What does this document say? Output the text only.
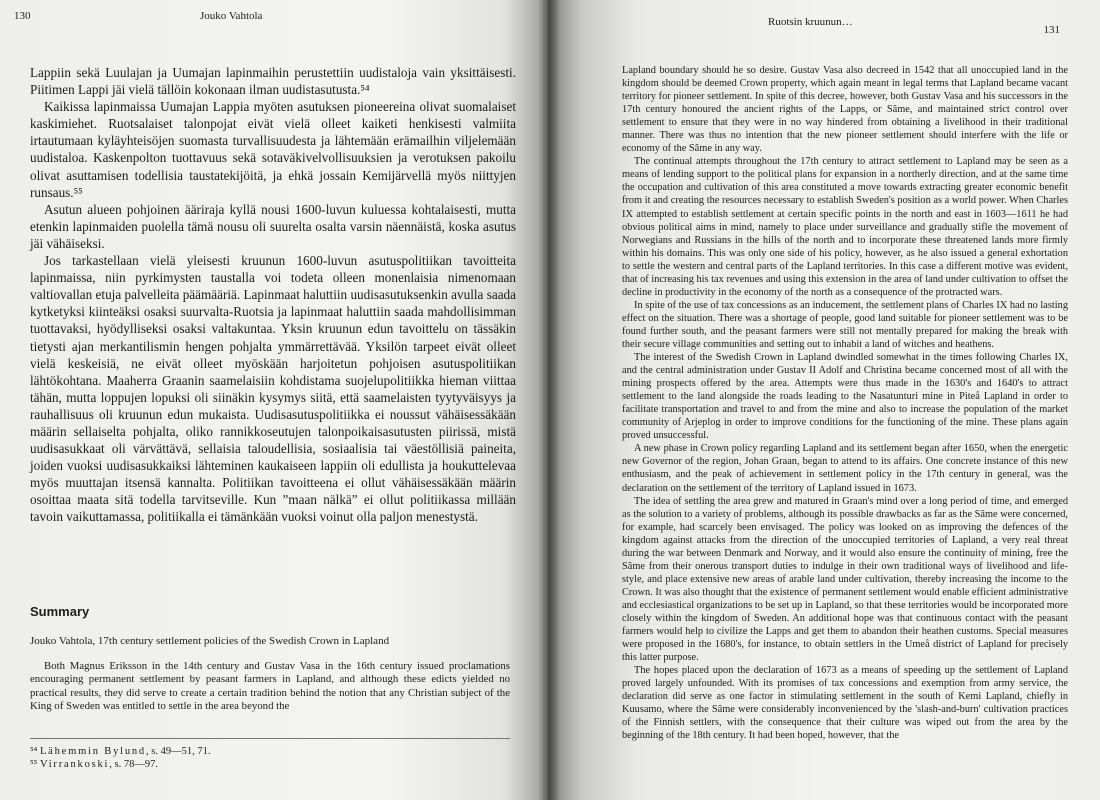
130	Jouko Vahtola

Lappiin sekä Luulajan ja Uumajan lapinmaihin perustettiin uudistaloja vain yksittäisesti. Piitimen Lappi jäi vielä tällöin kokonaan ilman uudistasutusta.⁵⁴

Kaikissa lapinmaissa Uumajan Lappia myöten asutuksen pioneereina olivat suomalaiset kaskimiehet. Ruotsalaiset talonpojat eivät vielä olleet kaiketi henkisesti valmiita irtautumaan kyläyhteisöjen suomasta turvallisuudesta ja lähtemään erämailhin viljelemään uudistaloa. Kaskenpolton tuottavuus sekä sotaväkivelvollisuuksien ja verotuksen pakoilu olivat asuttamisen todellisia taustatekijöitä, ja ehkä jossain Kemijärvellä myös niittyjen runsaus.⁵⁵

Asutun alueen pohjoinen ääriraja kyllä nousi 1600-luvun kuluessa kohtalaisesti, mutta etenkin lapinmaiden puolella tämä nousu oli suurelta osalta varsin näennäistä, koska asutus jäi vähäiseksi.

Jos tarkastellaan vielä yleisesti kruunun 1600-luvun asutuspolitiikan tavoitteita lapinmaissa, niin pyrkimysten taustalla voi todeta olleen monenlaisia nimenomaan valtiovallan etuja palvelleita päämääriä. Lapinmaat haluttiin uudisasutuksenkin avulla saada kytketyksi kiinteäksi osaksi suurvalta-Ruotsia ja lapinmaat haluttiin saada mahdollisimman tuottavaksi, hyödylliseksi osaksi valtakuntaa. Yksin kruunun edun tavoittelu on tässäkin tietysti ajan merkantilismin hengen pohjalta ymmärrettävää. Yksilön tarpeet eivät olleet vielä keskeisiä, ne eivät olleet myöskään harjoitetun pohjoisen asutuspolitiikan lähtökohtana. Maaherra Graanin saamelaisiin kohdistama suojelupolitiikka hieman viittaa tähän, mutta loppujen lopuksi oli siinäkin kysymys siitä, että saamelaisten tyytyväisyys ja rauhallisuus oli kruunun edun mukaista. Uudisasutuspolitiikka ei noussut vähäisessäkään määrin sellaiselta pohjalta, oliko rannikkoseutujen talonpoikaisasutusten piirissä, mistä uudisasukkaat oli värvättävä, sellaisia taloudellisia, sosiaalisia tai väestöllisiä paineita, joiden vuoksi uudisasukkaiksi lähteminen kaukaiseen lappiin oli edullista ja houkuttelevaa myös muuttajan itsensä kannalta. Politiikan tavoitteena ei ollut vähäisessäkään määrin osoittaa maata sitä todella tarvitseville. Kun ”maan nälkä” ei ollut politiikassa millään tavoin vaikuttamassa, politiikalla ei tämänkään vuoksi voinut olla paljon menestystä.

Summary
Jouko Vahtola, 17th century settlement policies of the Swedish Crown in Lapland

Both Magnus Eriksson in the 14th century and Gustav Vasa in the 16th century issued proclamations encouraging permanent settlement by peasant farmers in Lapland, and although these edicts yielded no practical results, they did serve to create a certain tradition behind the notion that any Christian subject of the King of Sweden was entitled to settle in the area beyond the

⁵⁴ Lähemmin Bylund, s. 49—51, 71.
⁵⁵ Virrankoski, s. 78—97.
Ruotsin kruunun…
131

Lapland boundary should he so desire. Gustav Vasa also decreed in 1542 that all unoccupied land in the kingdom should be deemed Crown property, which again meant in legal terms that Lapland became vacant territory for pioneer settlement. In spite of this decree, however, both Gustav Vasa and his successors in the 17th century honoured the ancient rights of the Lapps, or Sâme, and maintained strict control over settlement to ensure that they were in no way hindered from obtaining a livelihood in their traditional manner. There was thus no intention that the new pioneer settlement should interfere with the life or economy of the Sâme in any way.

The continual attempts throughout the 17th century to attract settlement to Lapland may be seen as a means of lending support to the political plans for expansion in a northerly direction, and at the same time the occupation and cultivation of this area constituted a move towards extracting greater economic benefit from it and creating the resources necessary to establish Sweden's position as a world power. When Charles IX attempted to establish settlement at certain specific points in the north and east in 1603—1611 he had obvious political aims in mind, namely to place under surveillance and gradually stifle the movement of Norwegians and Russians in the hills of the north and to incorporate these threatened lands more firmly within his domains. This was only one side of his policy, however, as he also issued a general exhortation to settle the western and central parts of the Lapland territories. In this case a different motive was evident, that of increasing his tax revenues and using this extension in the area of land under cultivation to offset the decline in productivity in the economy of the north as a consequence of the protracted wars.

In spite of the use of tax concessions as an inducement, the settlement plans of Charles IX had no lasting effect on the situation. There was a shortage of people, good land suitable for pioneer settlement was to be found further south, and the peasant farmers were still not mentally prepared for making the break with their secure village communities and setting out to inhabit a land of witches and heathens.

The interest of the Swedish Crown in Lapland dwindled somewhat in the times following Charles IX, and the central administration under Gustav II Adolf and Christina became concerned most of all with the mining prospects offered by the area. Attempts were thus made in the 1630's and 1640's to attract settlement to the land alongside the roads leading to the Nasatunturi mine in Piteå Lapland in order to facilitate transportation and travel to and from the mine and also to increase the population of the market community of Arjeplog in order to improve conditions for the functioning of the mine. These plans again proved unsuccessful.

A new phase in Crown policy regarding Lapland and its settlement began after 1650, when the energetic new Governor of the region, Johan Graan, began to attend to its affairs. One concrete instance of this new enthusiasm, and the peak of achievement in settlement policy in the 17th century in general, was the declaration on the settlement of the territory of Lapland issued in 1673.

The idea of settling the area grew and matured in Graan's mind over a long period of time, and emerged as the solution to a variety of problems, although its possible drawbacks as far as the Sâme were concerned, for example, had scarcely been envisaged. The policy was looked on as improving the defences of the kingdom against attacks from the direction of the unoccupied territories of Lapland, a very real threat during the war between Denmark and Norway, and it would also ensure the continuity of mining, free the Sâme from their onerous transport duties to indulge in their own traditional ways of livelihood and life-style, and place extensive new areas of arable land under cultivation, thereby increasing the income to the Crown. It was also thought that the existence of permanent settlement would enable efficient administrative and ecclesiastical organizations to be set up in Lapland, so that these territories would be incorporated more closely within the kingdom of Sweden. An additional hope was that continuous contact with the peasant farmers would help to civilize the Lapps and get them to abandon their heathen customs. Special measures were proposed in the 1680's, for instance, to obtain settlers in the Umeå district of Lapland for precisely this latter purpose.

The hopes placed upon the declaration of 1673 as a means of speeding up the settlement of Lapland proved largely unfounded. With its promises of tax concessions and exemption from army service, the declaration did serve as one factor in stimulating settlement in the south of Kemi Lapland, chiefly in Kuusamo, where the Sâme were considerably inconvenienced by the 'slash-and-burn' cultivation practices of the Finnish settlers, with the consequence that their culture was wiped out from the area by the beginning of the 18th century. It had been hoped, however, that the
